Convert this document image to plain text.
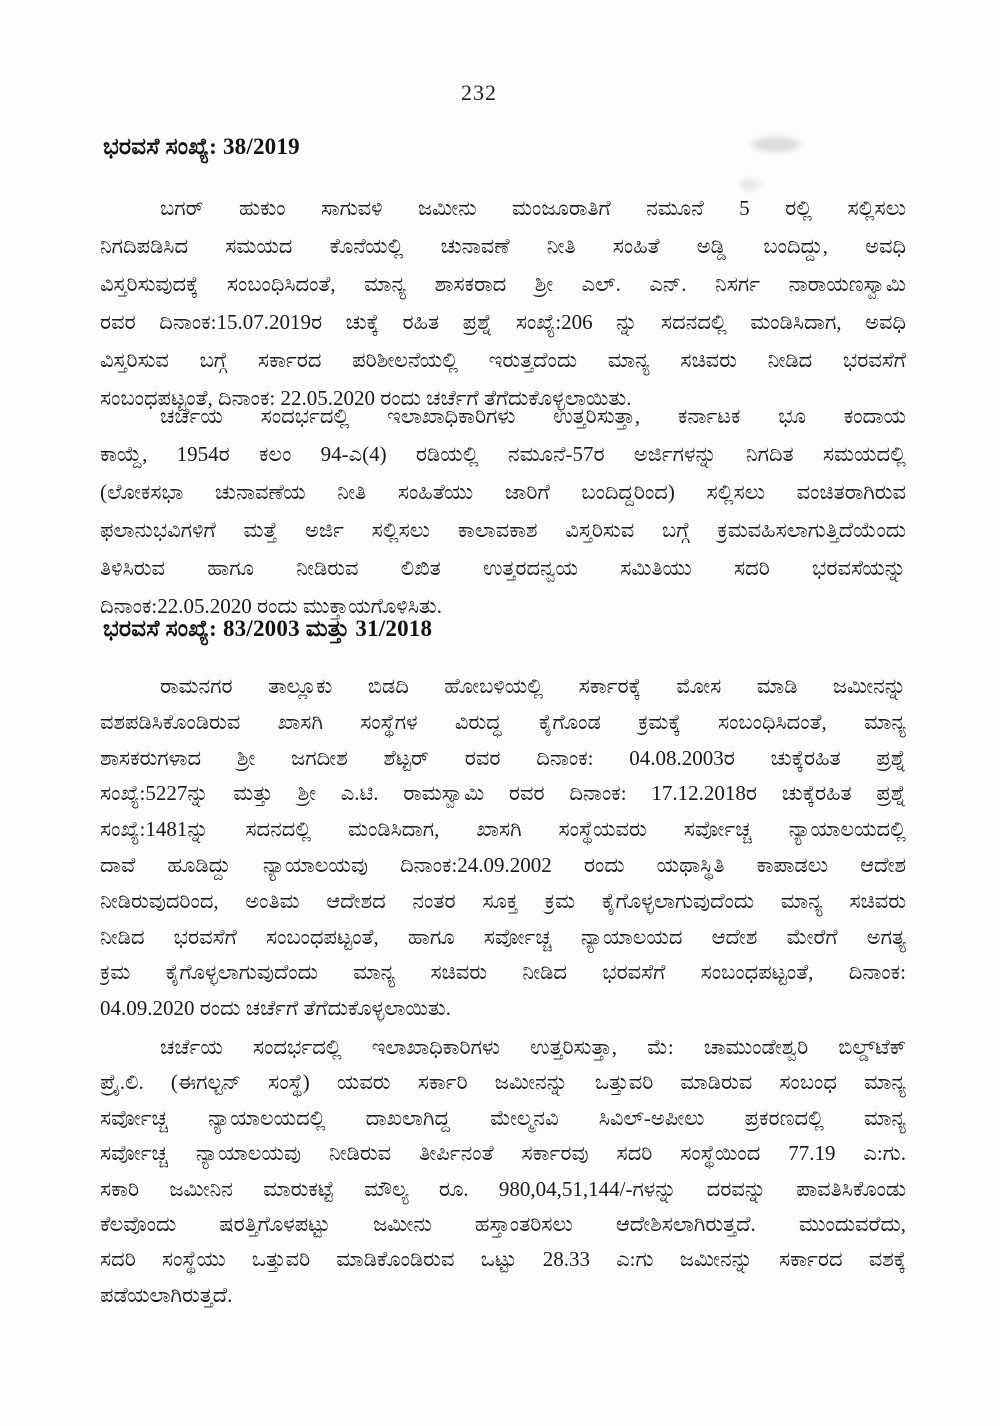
232
ಭರವಸೆ ಸಂಖ್ಯೆ: 38/2019
ಬಗರ್ ಹುಕುಂ ಸಾಗುವಳಿ ಜಮೀನು ಮಂಜೂರಾತಿಗೆ ನಮೂನೆ 5 ರಲ್ಲಿ ಸಲ್ಲಿಸಲು
ನಿಗದಿಪಡಿಸಿದ ಸಮಯದ ಕೊನೆಯಲ್ಲಿ ಚುನಾವಣೆ ನೀತಿ ಸಂಹಿತೆ ಅಡ್ಡಿ ಬಂದಿದ್ದು, ಅವಧಿ
ವಿಸ್ತರಿಸುವುದಕ್ಕೆ ಸಂಬಂಧಿಸಿದಂತೆ, ಮಾನ್ಯ ಶಾಸಕರಾದ ಶ್ರೀ ಎಲ್. ಎನ್. ನಿಸರ್ಗ ನಾರಾಯಣಸ್ವಾಮಿ
ರವರ ದಿನಾಂಕ:15.07.2019ರ ಚುಕ್ಕೆ ರಹಿತ ಪ್ರಶ್ನೆ ಸಂಖ್ಯೆ:206 ನ್ನು ಸದನದಲ್ಲಿ ಮಂಡಿಸಿದಾಗ, ಅವಧಿ
ವಿಸ್ತರಿಸುವ ಬಗ್ಗೆ ಸರ್ಕಾರದ ಪರಿಶೀಲನೆಯಲ್ಲಿ ಇರುತ್ತದೆಂದು ಮಾನ್ಯ ಸಚಿವರು ನೀಡಿದ ಭರವಸೆಗೆ
ಸಂಬಂಧಪಟ್ಟಂತೆ, ದಿನಾಂಕ: 22.05.2020 ರಂದು ಚರ್ಚೆಗೆ ತೆಗೆದುಕೊಳ್ಳಲಾಯಿತು.
ಚರ್ಚೆಯ ಸಂದರ್ಭದಲ್ಲಿ ಇಲಾಖಾಧಿಕಾರಿಗಳು ಉತ್ತರಿಸುತ್ತಾ, ಕರ್ನಾಟಕ ಭೂ ಕಂದಾಯ
ಕಾಯ್ದೆ, 1954ರ ಕಲಂ 94-ಎ(4) ರಡಿಯಲ್ಲಿ ನಮೂನೆ-57ರ ಅರ್ಜಿಗಳನ್ನು ನಿಗದಿತ ಸಮಯದಲ್ಲಿ
(ಲೋಕಸಭಾ ಚುನಾವಣೆಯ ನೀತಿ ಸಂಹಿತೆಯು ಜಾರಿಗೆ ಬಂದಿದ್ದರಿಂದ) ಸಲ್ಲಿಸಲು ವಂಚಿತರಾಗಿರುವ
ಫಲಾನುಭವಿಗಳಿಗೆ ಮತ್ತೆ ಅರ್ಜಿ ಸಲ್ಲಿಸಲು ಕಾಲಾವಕಾಶ ವಿಸ್ತರಿಸುವ ಬಗ್ಗೆ ಕ್ರಮವಹಿಸಲಾಗುತ್ತಿದೆಯೆಂದು
ತಿಳಿಸಿರುವ ಹಾಗೂ ನೀಡಿರುವ ಲಿಖಿತ ಉತ್ತರದನ್ವಯ ಸಮಿತಿಯು ಸದರಿ ಭರವಸೆಯನ್ನು
ದಿನಾಂಕ:22.05.2020 ರಂದು ಮುಕ್ತಾಯಗೊಳಿಸಿತು.
ಭರವಸೆ ಸಂಖ್ಯೆ: 83/2003 ಮತ್ತು 31/2018
ರಾಮನಗರ ತಾಲ್ಲೂಕು ಬಿಡದಿ ಹೋಬಳಿಯಲ್ಲಿ ಸರ್ಕಾರಕ್ಕೆ ಮೋಸ ಮಾಡಿ ಜಮೀನನ್ನು
ವಶಪಡಿಸಿಕೊಂಡಿರುವ ಖಾಸಗಿ ಸಂಸ್ಥೆಗಳ ವಿರುದ್ಧ ಕೈಗೊಂಡ ಕ್ರಮಕ್ಕೆ ಸಂಬಂಧಿಸಿದಂತೆ, ಮಾನ್ಯ
ಶಾಸಕರುಗಳಾದ ಶ್ರೀ ಜಗದೀಶ ಶೆಟ್ಟರ್ ರವರ ದಿನಾಂಕ: 04.08.2003ರ ಚುಕ್ಕೆರಹಿತ ಪ್ರಶ್ನೆ
ಸಂಖ್ಯೆ:5227ನ್ನು ಮತ್ತು ಶ್ರೀ ಎ.ಟಿ. ರಾಮಸ್ವಾಮಿ ರವರ ದಿನಾಂಕ: 17.12.2018ರ ಚುಕ್ಕೆರಹಿತ ಪ್ರಶ್ನೆ
ಸಂಖ್ಯೆ:1481ನ್ನು ಸದನದಲ್ಲಿ ಮಂಡಿಸಿದಾಗ, ಖಾಸಗಿ ಸಂಸ್ಥೆಯವರು ಸರ್ವೋಚ್ಚ ನ್ಯಾಯಾಲಯದಲ್ಲಿ
ದಾವೆ ಹೂಡಿದ್ದು ನ್ಯಾಯಾಲಯವು ದಿನಾಂಕ:24.09.2002 ರಂದು ಯಥಾಸ್ಥಿತಿ ಕಾಪಾಡಲು ಆದೇಶ
ನೀಡಿರುವುದರಿಂದ, ಅಂತಿಮ ಆದೇಶದ ನಂತರ ಸೂಕ್ತ ಕ್ರಮ ಕೈಗೊಳ್ಳಲಾಗುವುದೆಂದು ಮಾನ್ಯ ಸಚಿವರು
ನೀಡಿದ ಭರವಸೆಗೆ ಸಂಬಂಧಪಟ್ಟಂತೆ, ಹಾಗೂ ಸರ್ವೋಚ್ಚ ನ್ಯಾಯಾಲಯದ ಆದೇಶ ಮೇರೆಗೆ ಅಗತ್ಯ
ಕ್ರಮ ಕೈಗೊಳ್ಳಲಾಗುವುದೆಂದು ಮಾನ್ಯ ಸಚಿವರು ನೀಡಿದ ಭರವಸೆಗೆ ಸಂಬಂಧಪಟ್ಟಂತೆ, ದಿನಾಂಕ:
04.09.2020 ರಂದು ಚರ್ಚೆಗೆ ತೆಗೆದುಕೊಳ್ಳಲಾಯಿತು.
ಚರ್ಚೆಯ ಸಂದರ್ಭದಲ್ಲಿ ಇಲಾಖಾಧಿಕಾರಿಗಳು ಉತ್ತರಿಸುತ್ತಾ, ಮೆ: ಚಾಮುಂಡೇಶ್ವರಿ ಬಿಲ್ಡ್‌ಟೆಕ್
ಪ್ರೈ.ಲಿ. (ಈಗಲ್ಟನ್ ಸಂಸ್ಥೆ) ಯವರು ಸರ್ಕಾರಿ ಜಮೀನನ್ನು ಒತ್ತುವರಿ ಮಾಡಿರುವ ಸಂಬಂಧ ಮಾನ್ಯ
ಸರ್ವೋಚ್ಚ ನ್ಯಾಯಾಲಯದಲ್ಲಿ ದಾಖಲಾಗಿದ್ದ ಮೇಲ್ಮನವಿ ಸಿವಿಲ್-ಅಪೀಲು ಪ್ರಕರಣದಲ್ಲಿ ಮಾನ್ಯ
ಸರ್ವೋಚ್ಚ ನ್ಯಾಯಾಲಯವು ನೀಡಿರುವ ತೀರ್ಪಿನಂತೆ ಸರ್ಕಾರವು ಸದರಿ ಸಂಸ್ಥೆಯಿಂದ 77.19 ಎ:ಗು.
ಸಕಾರಿ ಜಮೀನಿನ ಮಾರುಕಟ್ಟೆ ಮೌಲ್ಯ ರೂ. 980,04,51,144/-ಗಳನ್ನು ದರವನ್ನು ಪಾವತಿಸಿಕೊಂಡು
ಕೆಲವೊಂದು ಷರತ್ತಿಗೊಳಪಟ್ಟು ಜಮೀನು ಹಸ್ತಾಂತರಿಸಲು ಆದೇಶಿಸಲಾಗಿರುತ್ತದೆ. ಮುಂದುವರೆದು,
ಸದರಿ ಸಂಸ್ಥೆಯು ಒತ್ತುವರಿ ಮಾಡಿಕೊಂಡಿರುವ ಒಟ್ಟು 28.33 ಎ:ಗು ಜಮೀನನ್ನು ಸರ್ಕಾರದ ವಶಕ್ಕೆ
ಪಡೆಯಲಾಗಿರುತ್ತದೆ.
